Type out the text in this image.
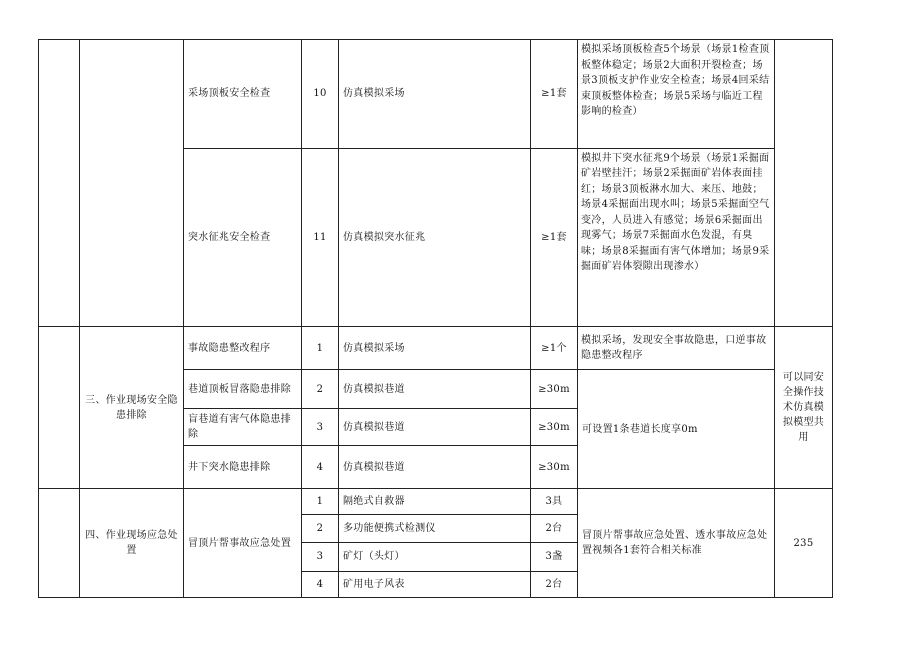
		采场顶板安全检查	10	仿真模拟采场	≥1套	模拟采场顶板检查5个场景（场景1检查顶板整体稳定；场景2大面积开裂检查；场景3顶板支护作业安全检查；场景4回采结束顶板整体检查；场景5采场与临近工程影响的检查）	
		突水征兆安全检查	11	仿真模拟突水征兆	≥1套	模拟井下突水征兆9个场景（场景1采掘面矿岩壁挂汗；场景2采掘面矿岩体表面挂红；场景3顶板淋水加大、来压、地鼓；场景4采掘面出现水叫；场景5采掘面空气变冷，人员进入有感觉；场景6采掘面出现雾气；场景7采掘面水色发混，有臭味；场景8采掘面有害气体增加；场景9采掘面矿岩体裂隙出现渗水）	
	三、作业现场安全隐患排除	事故隐患整改程序	1	仿真模拟采场	≥1个	模拟采场，发现安全事故隐患，口逆事故隐患整改程序	可以同安全操作技术仿真模拟模型共用
		巷道顶板冒落隐患排除	2	仿真模拟巷道	≥30m	可设置1条巷道长度享0m	
		盲巷道有害气体隐患排除	3	仿真模拟巷道	≥30m		
		井下突水隐患排除	4	仿真模拟巷道	≥30m		
	四、作业现场应急处置	冒顶片帮事故应急处置	1	隔绝式自救器	3具	冒顶片帮事故应急处置、透水事故应急处置视频各1套符合相关标准	235
			2	多功能便携式检测仪	2台		
			3	矿灯（头灯）	3盏		
			4	矿用电子风表	2台		
